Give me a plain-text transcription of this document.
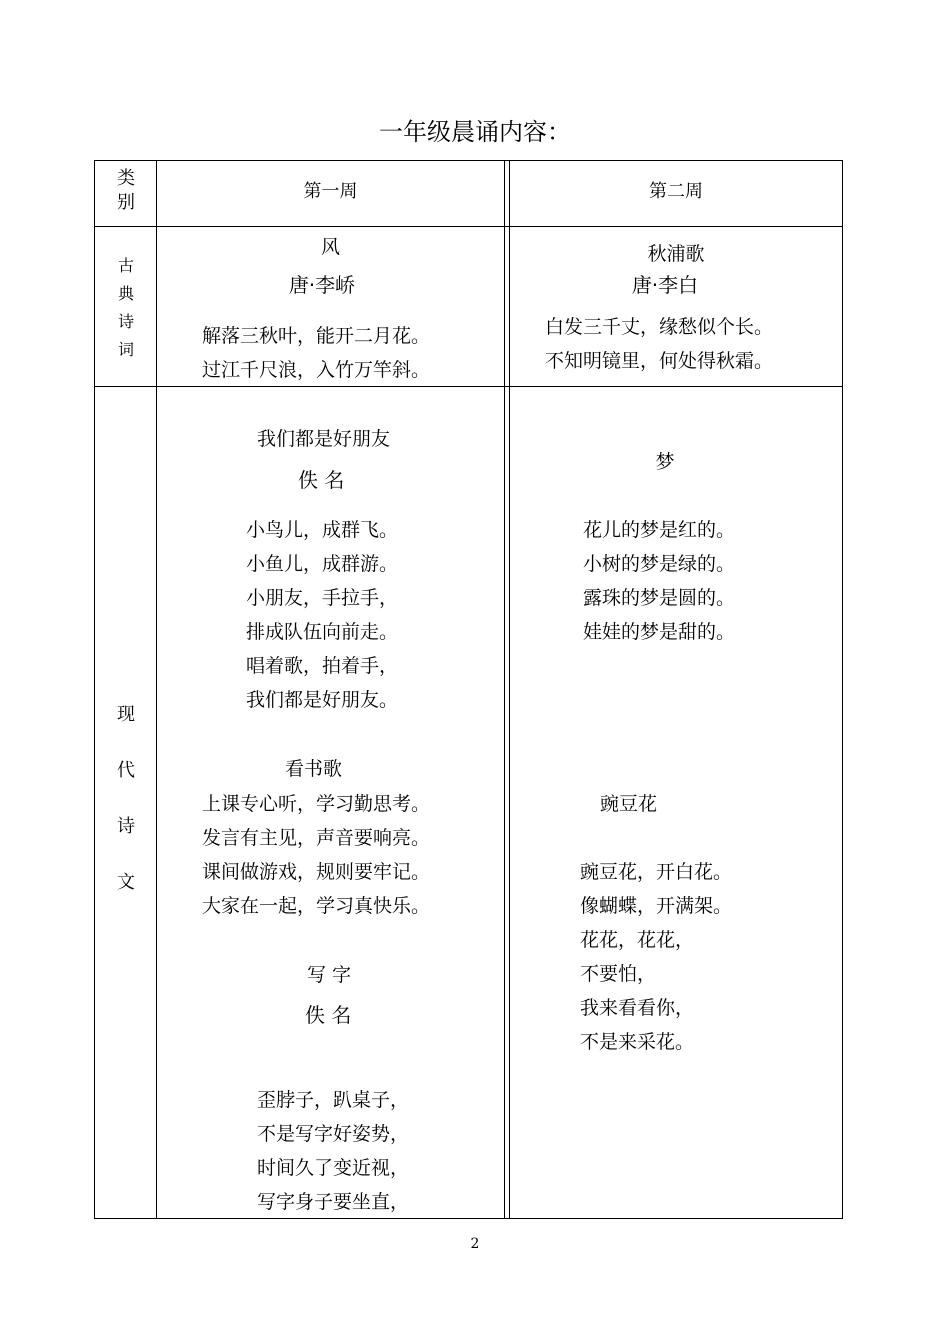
一年级晨诵内容：
类
别
第一周	第二周
古
典
诗
词
风
唐·李峤
解落三秋叶，能开二月花。
过江千尺浪，入竹万竿斜。
秋浦歌
唐·李白
白发三千丈，缘愁似个长。
不知明镜里，何处得秋霜。
现
代
诗
文
我们都是好朋友
佚 名
小鸟儿，成群飞。
小鱼儿，成群游。
小朋友，手拉手，
排成队伍向前走。
唱着歌，拍着手，
我们都是好朋友。
看书歌
上课专心听，学习勤思考。
发言有主见，声音要响亮。
课间做游戏，规则要牢记。
大家在一起，学习真快乐。
写 字
佚 名
歪脖子，趴桌子，
不是写字好姿势，
时间久了变近视，
写字身子要坐直，
梦
花儿的梦是红的。
小树的梦是绿的。
露珠的梦是圆的。
娃娃的梦是甜的。
豌豆花
豌豆花，开白花。
像蝴蝶，开满架。
花花，花花，
不要怕，
我来看看你，
不是来采花。
2
